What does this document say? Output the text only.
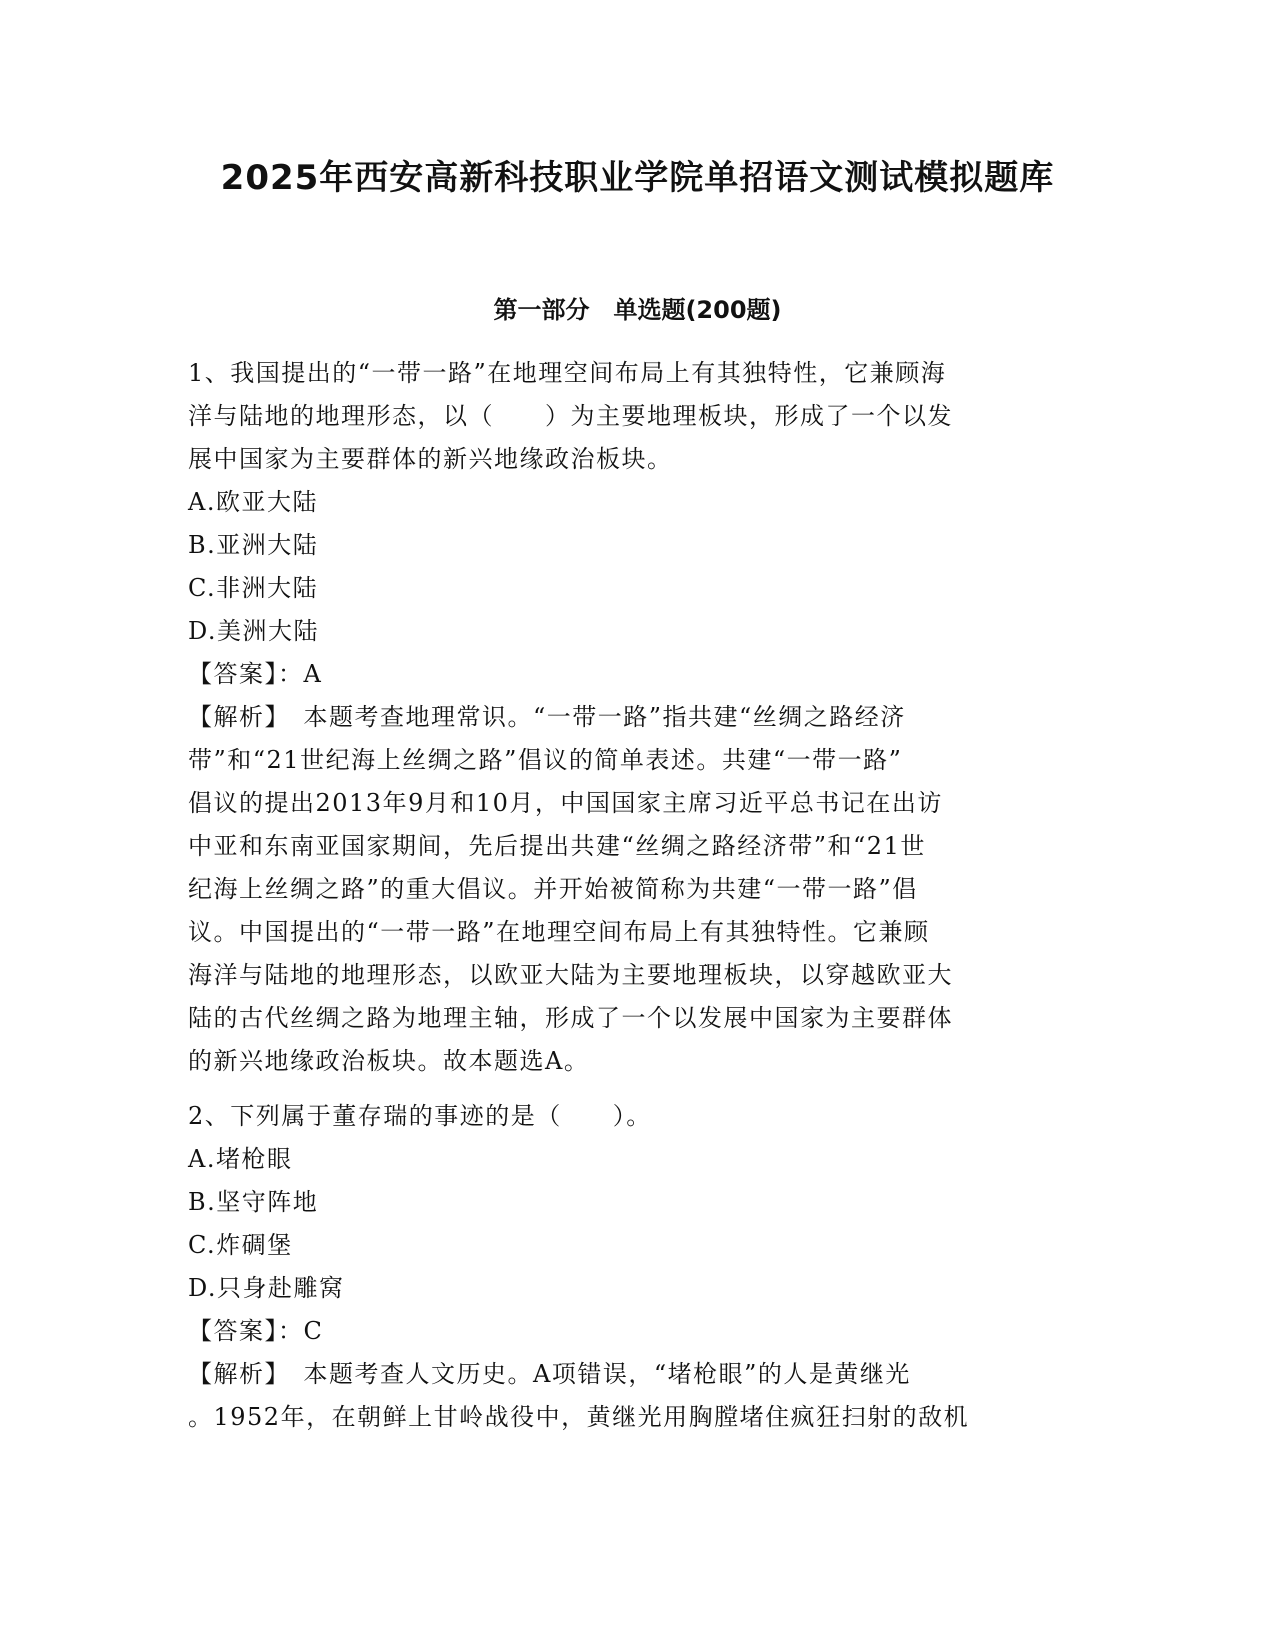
2025年西安高新科技职业学院单招语文测试模拟题库
第一部分　单选题(200题)
1、我国提出的“一带一路”在地理空间布局上有其独特性，它兼顾海
洋与陆地的地理形态，以（　　）为主要地理板块，形成了一个以发
展中国家为主要群体的新兴地缘政治板块。
A.欧亚大陆
B.亚洲大陆
C.非洲大陆
D.美洲大陆
【答案】：A
【解析】　本题考查地理常识。“一带一路”指共建“丝绸之路经济
带”和“21世纪海上丝绸之路”倡议的简单表述。共建“一带一路”
倡议的提出2013年9月和10月，中国国家主席习近平总书记在出访
中亚和东南亚国家期间，先后提出共建“丝绸之路经济带”和“21世
纪海上丝绸之路”的重大倡议。并开始被简称为共建“一带一路”倡
议。中国提出的“一带一路”在地理空间布局上有其独特性。它兼顾
海洋与陆地的地理形态，以欧亚大陆为主要地理板块，以穿越欧亚大
陆的古代丝绸之路为地理主轴，形成了一个以发展中国家为主要群体
的新兴地缘政治板块。故本题选A。
2、下列属于董存瑞的事迹的是（　　）。
A.堵枪眼
B.坚守阵地
C.炸碉堡
D.只身赴雕窝
【答案】：C
【解析】　本题考查人文历史。A项错误，“堵枪眼”的人是黄继光
。1952年，在朝鲜上甘岭战役中，黄继光用胸膛堵住疯狂扫射的敌机
